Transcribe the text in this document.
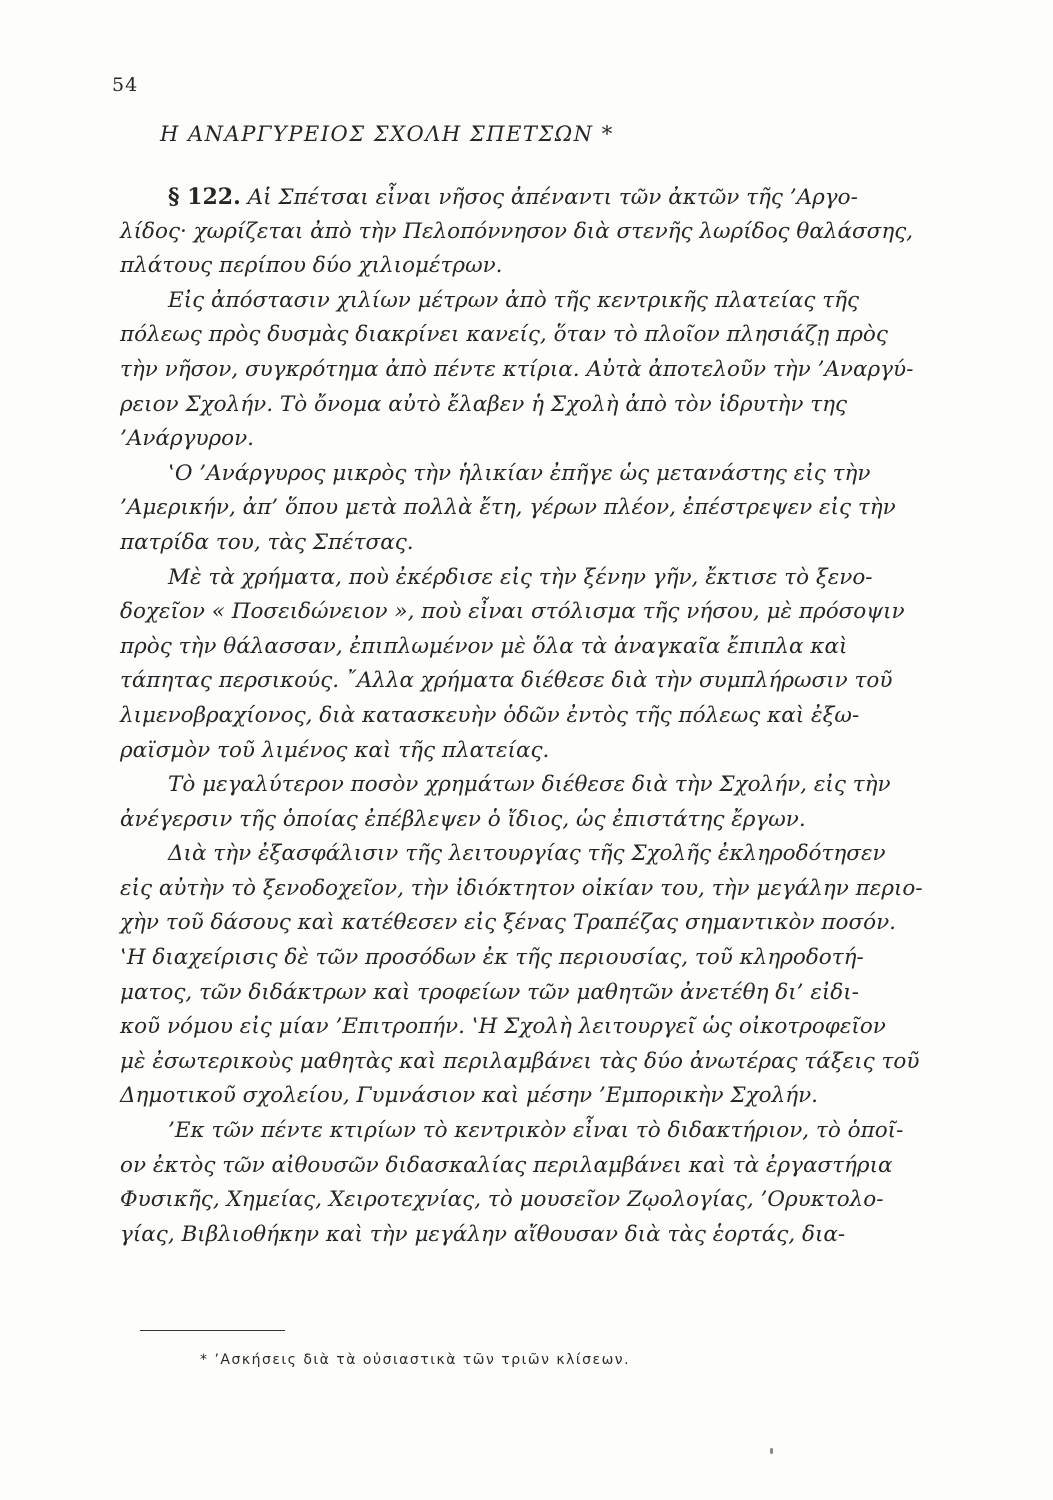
54
Η ΑΝΑΡΓΥΡΕΙΟΣ ΣΧΟΛΗ ΣΠΕΤΣΩΝ *
§ 122. Αἱ Σπέτσαι εἶναι νῆσος ἀπέναντι τῶν ἀκτῶν τῆς ’Αργο-
λίδος· χωρίζεται ἀπὸ τὴν Πελοπόννησον διὰ στενῆς λωρίδος θαλάσσης,
πλάτους περίπου δύο χιλιομέτρων.
Εἰς ἀπόστασιν χιλίων μέτρων ἀπὸ τῆς κεντρικῆς πλατείας τῆς
πόλεως πρὸς δυσμὰς διακρίνει κανείς, ὅταν τὸ πλοῖον πλησιάζῃ πρὸς
τὴν νῆσον, συγκρότημα ἀπὸ πέντε κτίρια. Αὐτὰ ἀποτελοῦν τὴν ’Αναργύ-
ρειον Σχολήν. Τὸ ὄνομα αὐτὸ ἔλαβεν ἡ Σχολὴ ἀπὸ τὸν ἱδρυτὴν της
’Ανάργυρον.
‛Ο ’Ανάργυρος μικρὸς τὴν ἡλικίαν ἐπῆγε ὡς μετανάστης εἰς τὴν
’Αμερικήν, ἀπ’ ὅπου μετὰ πολλὰ ἔτη, γέρων πλέον, ἐπέστρεψεν εἰς τὴν
πατρίδα του, τὰς Σπέτσας.
Μὲ τὰ χρήματα, ποὺ ἐκέρδισε εἰς τὴν ξένην γῆν, ἔκτισε τὸ ξενο-
δοχεῖον « Ποσειδώνειον », ποὺ εἶναι στόλισμα τῆς νήσου, μὲ πρόσοψιν
πρὸς τὴν θάλασσαν, ἐπιπλωμένον μὲ ὅλα τὰ ἀναγκαῖα ἔπιπλα καὶ
τάπητας περσικούς. ῎Αλλα χρήματα διέθεσε διὰ τὴν συμπλήρωσιν τοῦ
λιμενοβραχίονος, διὰ κατασκευὴν ὁδῶν ἐντὸς τῆς πόλεως καὶ ἐξω-
ραϊσμὸν τοῦ λιμένος καὶ τῆς πλατείας.
Τὸ μεγαλύτερον ποσὸν χρημάτων διέθεσε διὰ τὴν Σχολήν, εἰς τὴν
ἀνέγερσιν τῆς ὁποίας ἐπέβλεψεν ὁ ἴδιος, ὡς ἐπιστάτης ἔργων.
Διὰ τὴν ἐξασφάλισιν τῆς λειτουργίας τῆς Σχολῆς ἐκληροδότησεν
εἰς αὐτὴν τὸ ξενοδοχεῖον, τὴν ἰδιόκτητον οἰκίαν του, τὴν μεγάλην περιο-
χὴν τοῦ δάσους καὶ κατέθεσεν εἰς ξένας Τραπέζας σημαντικὸν ποσόν.
‛Η διαχείρισις δὲ τῶν προσόδων ἐκ τῆς περιουσίας, τοῦ κληροδοτή-
ματος, τῶν διδάκτρων καὶ τροφείων τῶν μαθητῶν ἀνετέθη δι’ εἰδι-
κοῦ νόμου εἰς μίαν ’Επιτροπήν. ‛Η Σχολὴ λειτουργεῖ ὡς οἰκοτροφεῖον
μὲ ἐσωτερικοὺς μαθητὰς καὶ περιλαμβάνει τὰς δύο ἀνωτέρας τάξεις τοῦ
Δημοτικοῦ σχολείου, Γυμνάσιον καὶ μέσην ’Εμπορικὴν Σχολήν.
’Εκ τῶν πέντε κτιρίων τὸ κεντρικὸν εἶναι τὸ διδακτήριον, τὸ ὁποῖ-
ον ἐκτὸς τῶν αἰθουσῶν διδασκαλίας περιλαμβάνει καὶ τὰ ἐργαστήρια
Φυσικῆς, Χημείας, Χειροτεχνίας, τὸ μουσεῖον Ζῳολογίας, ’Ορυκτολο-
γίας, Βιβλιοθήκην καὶ τὴν μεγάλην αἴθουσαν διὰ τὰς ἑορτάς, δια-
* ’Ασκήσεις διὰ τὰ οὐσιαστικὰ τῶν τριῶν κλίσεων.
